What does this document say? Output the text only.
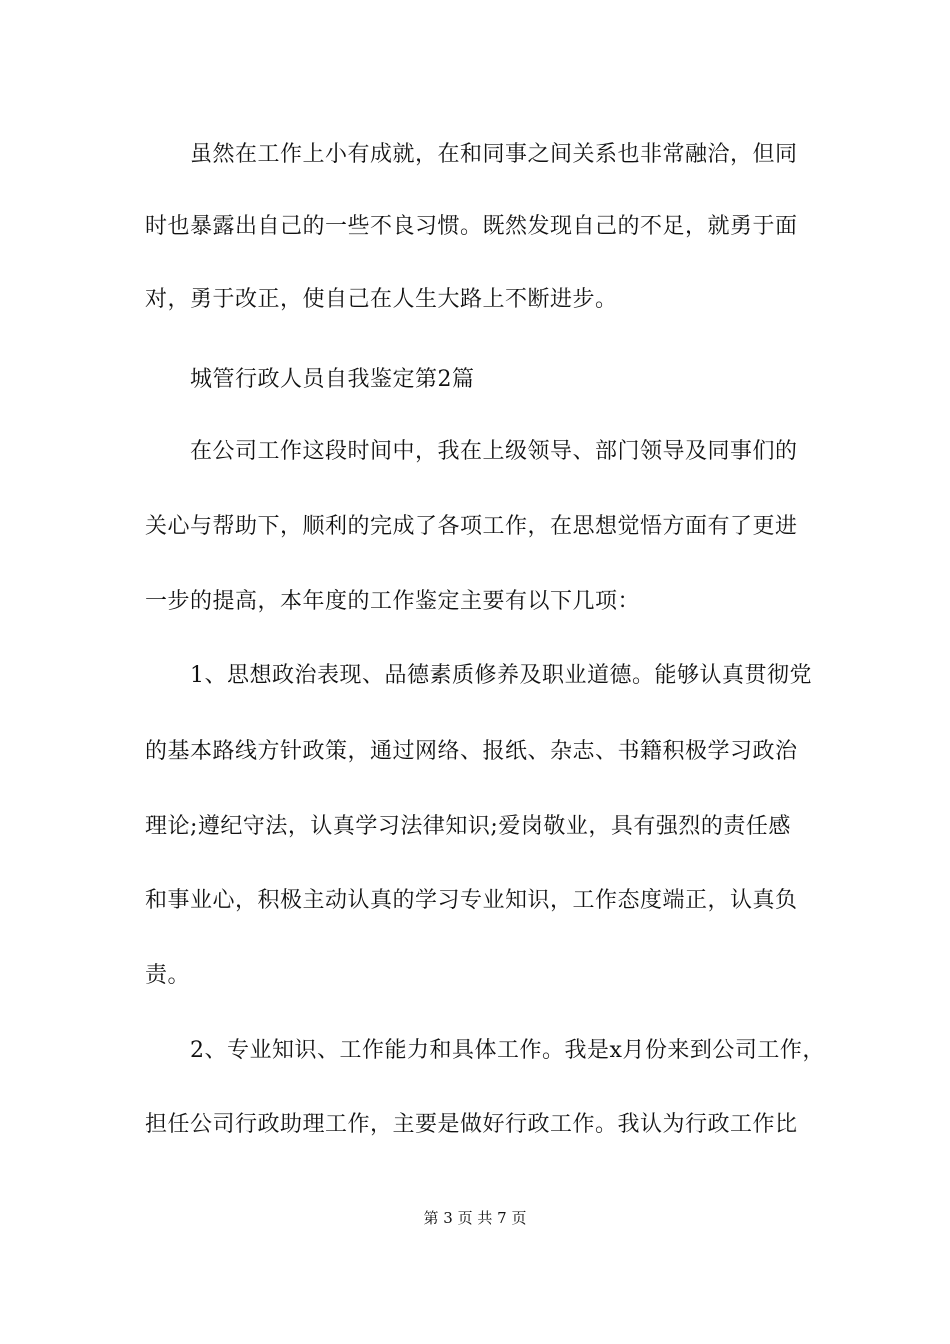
虽然在工作上小有成就，在和同事之间关系也非常融洽，但同
时也暴露出自己的一些不良习惯。既然发现自己的不足，就勇于面
对，勇于改正，使自己在人生大路上不断进步。
城管行政人员自我鉴定第2篇
在公司工作这段时间中，我在上级领导、部门领导及同事们的
关心与帮助下，顺利的完成了各项工作，在思想觉悟方面有了更进
一步的提高，本年度的工作鉴定主要有以下几项：
1、思想政治表现、品德素质修养及职业道德。能够认真贯彻党
的基本路线方针政策，通过网络、报纸、杂志、书籍积极学习政治
理论;遵纪守法，认真学习法律知识;爱岗敬业，具有强烈的责任感
和事业心，积极主动认真的学习专业知识，工作态度端正，认真负
责。
2、专业知识、工作能力和具体工作。我是x月份来到公司工作，
担任公司行政助理工作，主要是做好行政工作。我认为行政工作比
第 3 页 共 7 页
